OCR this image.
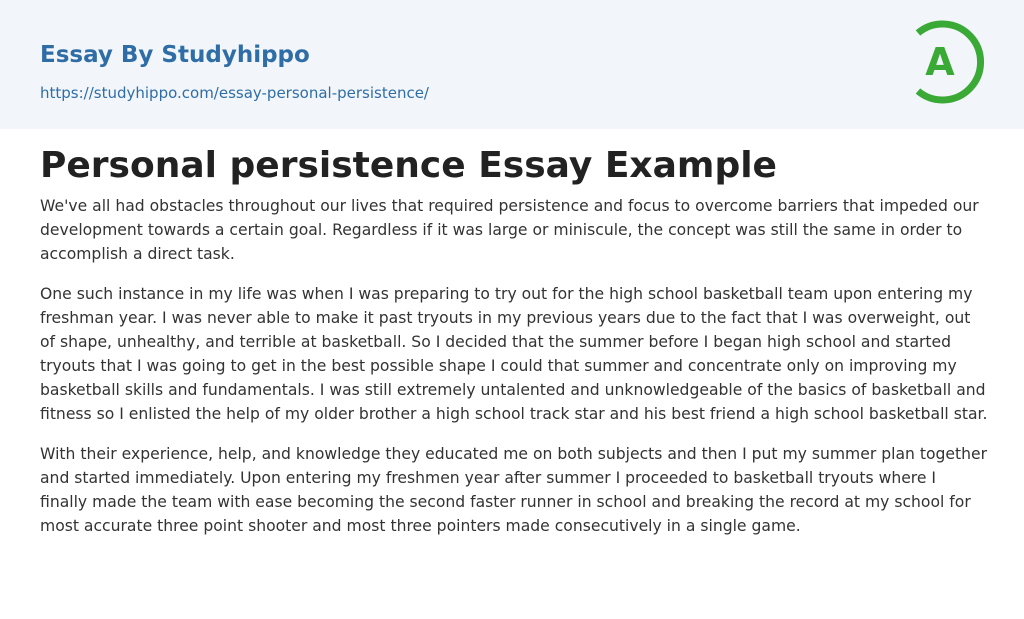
Essay By Studyhippo
https://studyhippo.com/essay-personal-persistence/
A
Personal persistence Essay Example

We've all had obstacles throughout our lives that required persistence and focus to overcome barriers that impeded our development towards a certain goal. Regardless if it was large or miniscule, the concept was still the same in order to accomplish a direct task.

One such instance in my life was when I was preparing to try out for the high school basketball team upon entering my freshman year. I was never able to make it past tryouts in my previous years due to the fact that I was overweight, out of shape, unhealthy, and terrible at basketball. So I decided that the summer before I began high school and started tryouts that I was going to get in the best possible shape I could that summer and concentrate only on improving my basketball skills and fundamentals. I was still extremely untalented and unknowledgeable of the basics of basketball and fitness so I enlisted the help of my older brother a high school track star and his best friend a high school basketball star.

With their experience, help, and knowledge they educated me on both subjects and then I put my summer plan together and started immediately. Upon entering my freshmen year after summer I proceeded to basketball tryouts where I finally made the team with ease becoming the second faster runner in school and breaking the record at my school for most accurate three point shooter and most three pointers made consecutively in a single game.
